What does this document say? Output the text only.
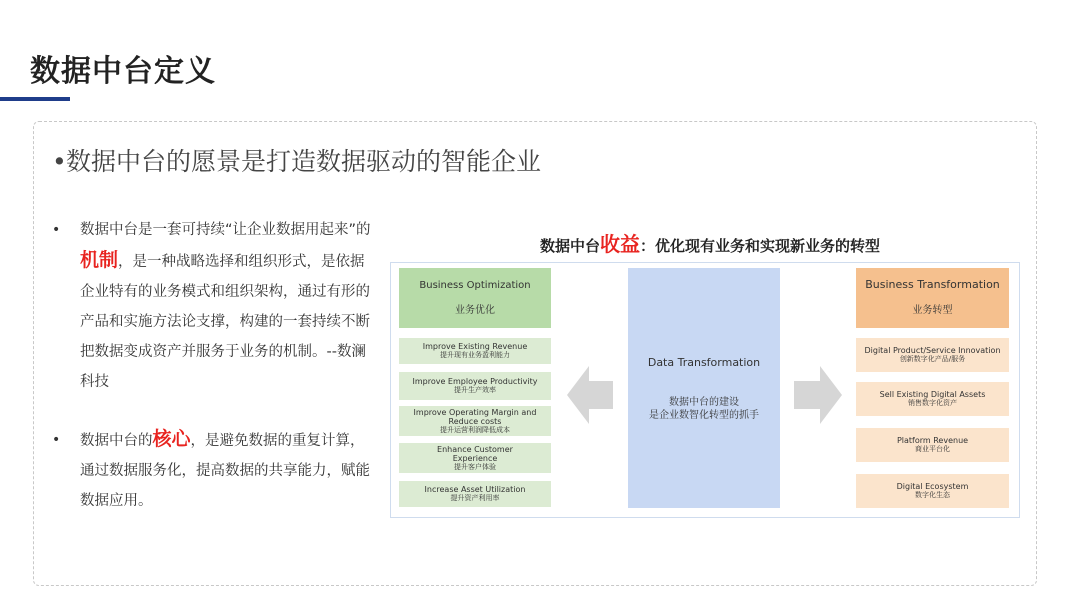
数据中台定义
•数据中台的愿景是打造数据驱动的智能企业
• 数据中台是一套可持续“让企业数据用起来”的机制，是一种战略选择和组织形式，是依据企业特有的业务模式和组织架构，通过有形的产品和实施方法论支撑，构建的一套持续不断把数据变成资产并服务于业务的机制。--数澜科技
• 数据中台的核心，是避免数据的重复计算，通过数据服务化，提高数据的共享能力，赋能数据应用。
数据中台收益：优化现有业务和实现新业务的转型
Business Optimization
业务优化
Improve Existing Revenue
提升现有业务盈利能力
Improve Employee Productivity
提升生产效率
Improve Operating Margin and Reduce costs
提升运营利润降低成本
Enhance Customer Experience
提升客户体验
Increase Asset Utilization
提升资产利用率
Data Transformation
数据中台的建设
是企业数智化转型的抓手
Business Transformation
业务转型
Digital Product/Service Innovation
创新数字化产品/服务
Sell Existing Digital Assets
销售数字化资产
Platform Revenue
商业平台化
Digital Ecosystem
数字化生态
